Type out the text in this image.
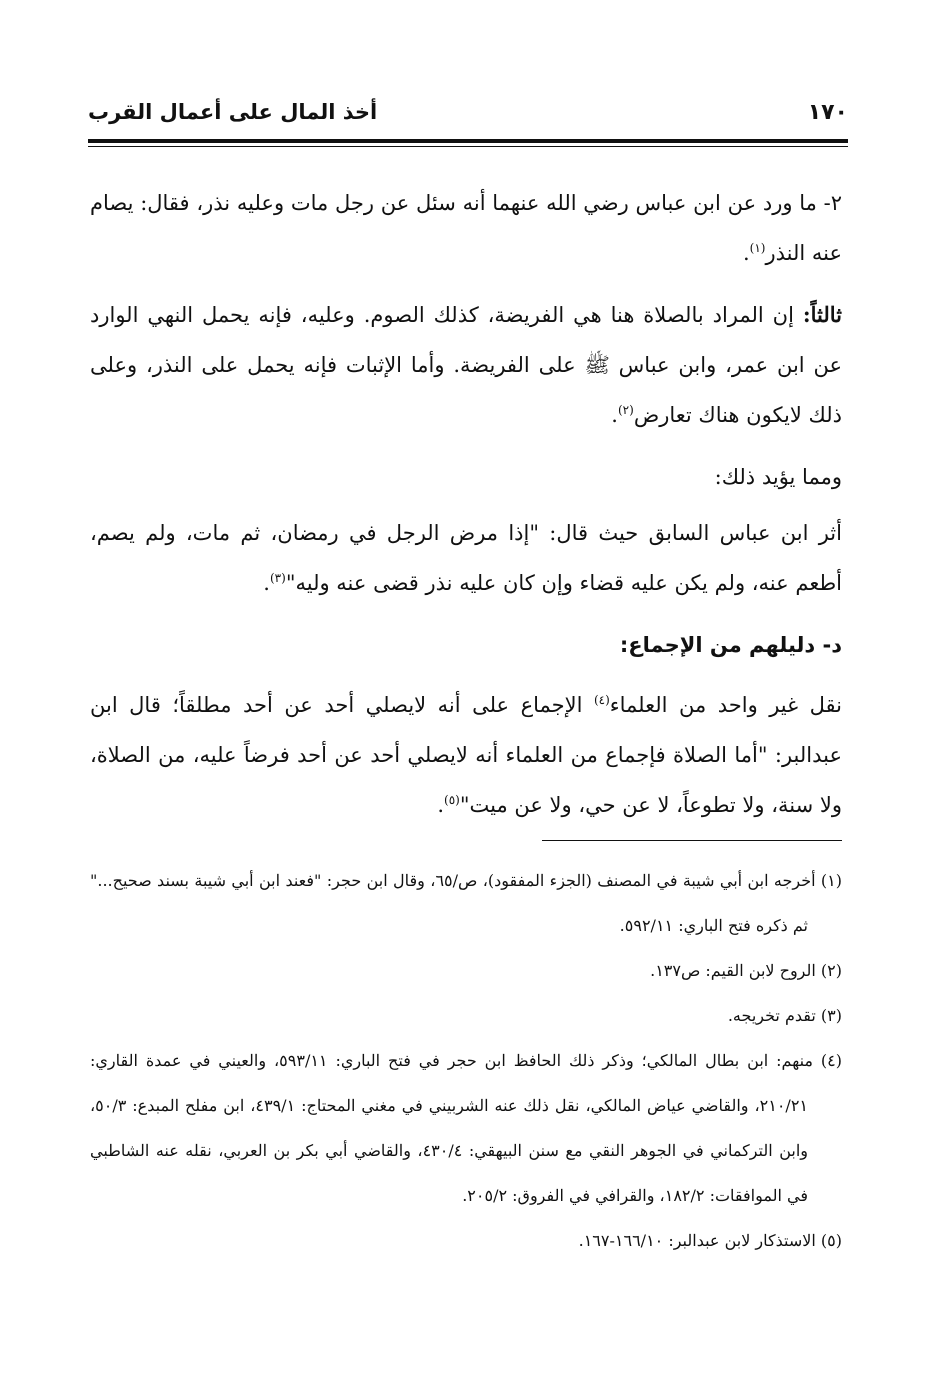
١٧٠
أخذ المال على أعمال القرب

٢- ما ورد عن ابن عباس رضي الله عنهما أنه سئل عن رجل مات وعليه نذر، فقال: يصام عنه النذر$^{(١)}$.

ثالثاً: إن المراد بالصلاة هنا هي الفريضة، كذلك الصوم. وعليه، فإنه يحمل النهي الوارد عن ابن عمر، وابن عباس ﷺ على الفريضة. وأما الإثبات فإنه يحمل على النذر، وعلى ذلك لايكون هناك تعارض$^{(٢)}$.

ومما يؤيد ذلك:

أثر ابن عباس السابق حيث قال: "إذا مرض الرجل في رمضان، ثم مات، ولم يصم، أطعم عنه، ولم يكن عليه قضاء وإن كان عليه نذر قضى عنه وليه"$^{(٣)}$.

د- دليلهم من الإجماع:

نقل غير واحد من العلماء$^{(٤)}$ الإجماع على أنه لايصلي أحد عن أحد مطلقاً؛ قال ابن عبدالبر: "أما الصلاة فإجماع من العلماء أنه لايصلي أحد عن أحد فرضاً عليه، من الصلاة، ولا سنة، ولا تطوعاً، لا عن حي، ولا عن ميت"$^{(٥)}$.

(١) أخرجه ابن أبي شيبة في المصنف (الجزء المفقود)، ص/٦٥، وقال ابن حجر: "فعند ابن أبي شيبة بسند صحيح..." ثم ذكره فتح الباري: ٥٩٢/١١.

(٢) الروح لابن القيم: ص١٣٧.

(٣) تقدم تخريجه.

(٤) منهم: ابن بطال المالكي؛ وذكر ذلك الحافظ ابن حجر في فتح الباري: ٥٩٣/١١، والعيني في عمدة القاري: ٢١٠/٢١، والقاضي عياض المالكي، نقل ذلك عنه الشربيني في مغني المحتاج: ٤٣٩/١، ابن مفلح المبدع: ٥٠/٣، وابن التركماني في الجوهر النقي مع سنن البيهقي: ٤٣٠/٤، والقاضي أبي بكر بن العربي، نقله عنه الشاطبي في الموافقات: ١٨٢/٢، والقرافي في الفروق: ٢٠٥/٢.

(٥) الاستذكار لابن عبدالبر: ١٦٦/١٠-١٦٧.
